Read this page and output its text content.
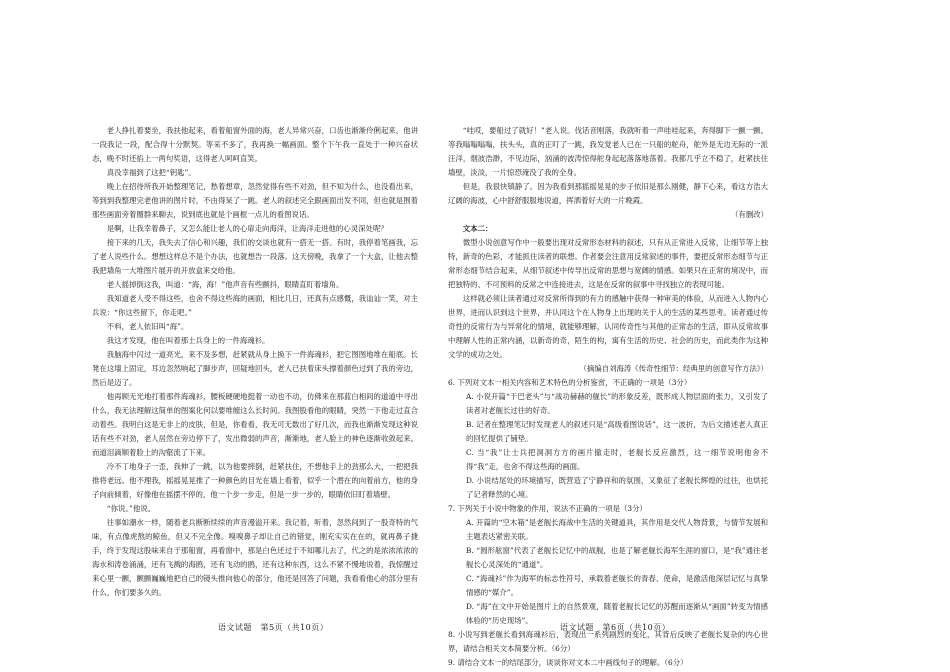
老人挣扎着要坐，我扶他起来，看着船窗外面的海，老人异常兴奋，口齿也渐渐伶俐起来，他讲一段我记一段，配合得十分默契。等采不多了，我再换一幅画面。整个下午我一直处于一种兴奋状态，晚不时还掐上一两句奖语，这得老人呵呵直笑。

真没幸福到了这把“钥匙”。

晚上在招待所我开始整理笔记，愁着想章，忽然觉得有些不对劲，但不知为什么，也没看出来，等到到我整理完老他讲的图片时，不由得呆了一跳。老人的叙述完全跟画面出发不同，但也就是围着那些画面旁着圈群来聊去，说到底也就是个画框一点儿的看图说话。

是啊，让我幸着鼻子，又怎么能让老人的心扉走向海洋，让海洋走进他的心灵深处呢？

接下来的几天，我失去了信心和兴趣，我们的交谈也就有一搭无一搭。有时，我停着笔画我，忘了老人说些什么。想想这样总不是个办法，也就想告一段落。这天傍晚，我拿了一个大盒，让他去整我把墙角一大堆图片展开的开放盒来交给他。

老人摇掉倒这我，叫道：“海，海！”他声音有些颤抖，眼睛直盯着墙角。

我知道老人受不得这些，也舍不得这些海的画面，相比几日，还真有点感慨，我讪讪一笑，对主兵说：“你这些留下，你走吧。”

不料，老人依旧叫“海”。

我这才发现，他在叫着那士兵身上的一件海魂衫。

我脑海中闪过一道亮光，来不及多想，赶紧就从身上换下一件海魂衫，把它图图地堆在船底。长凳在这墙上固定，耳边忽然响起了脚步声，回疑地回头，老人已扶着床头撑着颜色过到了我的旁边，然后是迈了。

他再顾无光地打着那件海魂衫，腰板硬硬地挺着一动也不动，仿佛来在那蓝白相间的道道中寻出什么，我无法理解这简单的图案化何以要堆缠这么长时间。我图股看他的眼睛，突然一下他走过直合动着些。我明白这是无非上的皮肤，但是，你看看，我无可无数出了好几次，而我也渐渐发现这种说话有些不对劲，老人居然在旁边停下了，发出微弱的声音，渐渐地，老人脸上的神色逐渐收敛起来。而道泪滴顺着脸上的沟壑流了下来。

冷不丁地身子一歪，我伸了一跳，以为他要摔倒，赶紧扶住，不想他手上的劲那么大，一把把我推将老远。他不理我，摇摇晃晃推了一种颜色的目光在墙上看着，似乎一个潜在的向着前方，他的身子向前倾着，好像他在摇摆不停的，他一个步一步走，但是一步一步的，眼睛依旧盯着墙壁。

“你说。”他说。

往事如潮水一样，随着老兵断断续续的声音漫溢开来。我记着，听着，忽然间到了一股奇特的气味，有点像虎熬的鲸鱼，但又不完全像。嗅嗅鼻子却让自己的错觉，刚充实实在在的，就再鼻子捷手，终于发现这股味来自于那船窗，再看窗中，那是白色还过于不知哪儿去了，代之的是浓浓浓浓的海水和涛卷涌涌，还有飞溅的海鸥，还有飞动的鸥，还有这种东西，这么不紧不慢地说着，我惊醒过来心里一颤，颤颤巍巍地把自己的镜头推向他心的部分，他还是回答了问题，我看看他心的部分里有什么，你们要多久的。

“哇哎，要船过了就好！”老人说。伐话音刚落，我就听着一声哇哇起来，奔得脚下一颤一颤。等我嗡嗡嗡嗡，扶头头，真的正叮了一跳，我发觉老人已在一只船的舵舟，舵外是无边无际的一派汪洋，烟波浩渺，不见边际，汹涌的波涛惊得舵身起起落落地荡着。我都几乎立不稳了，赶紧扶住墙壁，淡淡，一片惊恐淹没了我的全身。

但是，我很快镇静了。因为我看到那摇摇晃晃的步子依旧是那么刚健，静下心来，看这方浩大辽阔的海波，心中舒舒服服地说道，挥洒着好大的一片晚霞。

（有删改）

文本二：

微型小说创意写作中一般要出现对反常形态材料的叙述，只有从正常进入反常，让细节等上独特，新奇的色彩，才能抓住读者的联想。作者要会注意用反常叙述的事件，要把反常形态细节与正常形态细节结合起来，从细节叙述中传导出反常的思想与宽阔的情感。如果只在正常的境况中，而把独特的、不可预料的反常之中连接进去，这是在反常的叙事中寻找独立的表现可能。

这样就必须让读者通过对反常所得到的有力的感触中获得一种审美的体验，从而进入人物内心世界，进而认识到这个世界，并认同这个在人物身上出现的关于人的生活的某些思考。读者通过传奇性的反常行为与异常化的情境，就能够理解，认同传奇性与其他的正常态的生活，即从反常故事中理解人性的正常内涵，以新奇的奇，陌生的构，寓有生活的历史、社会的历史，而此类作为这种文学的成功之处。

（摘编自刘海涛《传奇性细节：经典里的创意写作方法》）

6. 下列对文本一相关内容和艺术特色的分析鉴赏，不正确的一项是（3分）

A. 小说开篇“干巴老头”与“战功赫赫的舰长”的形象反差，既形成人物层面的张力，又引发了读者对老舰长过往的好奇。

B. 记者在整理笔记时发现老人的叙述只是“高级看图说话”，这一波折，为后文描述老人真正的回忆提供了铺垫。

C. 当“我”让士兵把洞洞方方的画片撤走时，老舰长反应激烈，这一细节说明他舍不得“我”走，也舍不得这些海的画面。

D. 小说结尾处的环境描写，既营造了宁静祥和的氛围，又象征了老舰长辉煌的过往，也烘托了记者释然的心境。

7. 下列关于小说中物象的作用，说法不正确的一项是（3分）

A. 开篇的“空木箱”是老舰长海战中生活的关键道具，其作用是交代人物背景，与情节发展和主题表达紧密关联。

B. “圆形舷窗”代表了老舰长记忆中的战舰，也是了解老舰长海军生涯的窗口，是“我”通往老舰长心灵深处的“通道”。

C. “海魂衫”作为海军的标志性符号，承载着老舰长的青春、使命，是激活他深层记忆与真挚情感的“媒介”。

D. “海”在文中开始是图片上的自然景观，随着老舰长记忆的苏醒而逐渐从“画面”转变为情感体验的“历史现场”。

8. 小说写到老舰长看到海魂衫后，表现出一系列剧烈的变化，其背后反映了老舰长复杂的内心世界，请结合相关文本简要分析。（6分）

9. 请结合文本一的结尾部分，谈谈你对文本二中画线句子的理解。（6分）

语文试题　第5页（共10页）	语文试题　第6页（共10页）
